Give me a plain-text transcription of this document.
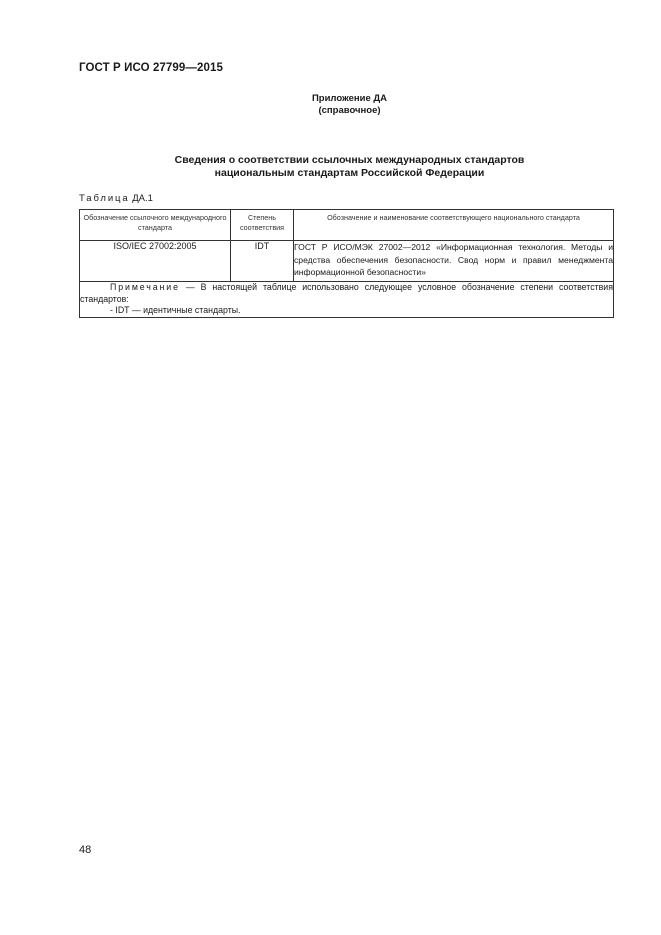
ГОСТ Р ИСО 27799—2015
Приложение ДА
(справочное)
Сведения о соответствии ссылочных международных стандартов
национальным стандартам Российской Федерации
Таблица ДА.1
Обозначение ссылочного международного стандарта	Степень соответствия	Обозначение и наименование соответствующего национального стандарта
ISO/IEC 27002:2005	IDT	ГОСТ Р ИСО/МЭК 27002—2012 «Информационная технология. Методы и средства обеспечения безопасности. Свод норм и правил менеджмента информационной безопасности»

Примечание — В настоящей таблице использовано следующее условное обозначение степени соответствия стандартов:
- IDT — идентичные стандарты.		
48
